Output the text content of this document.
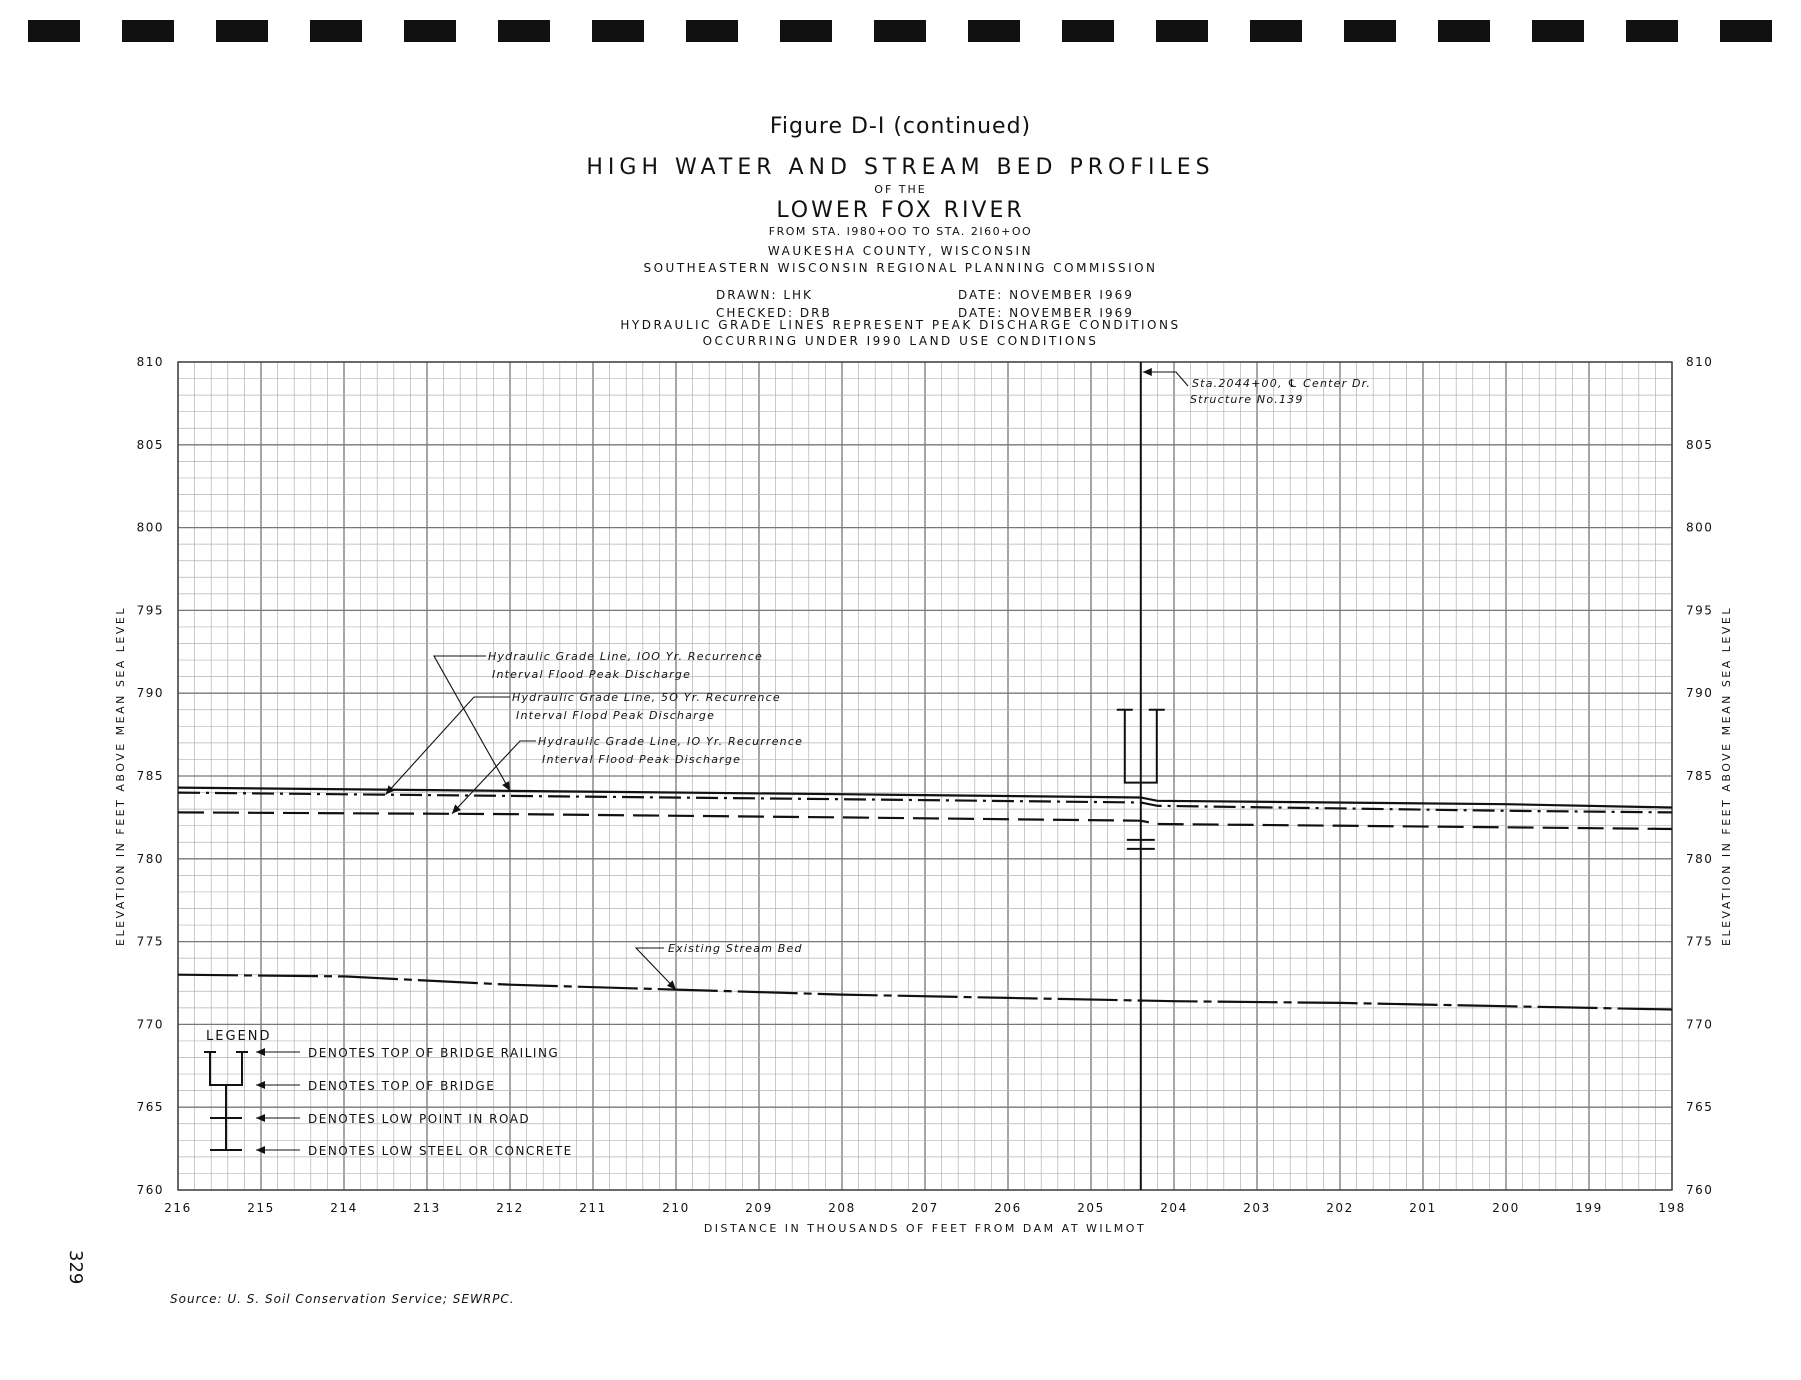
Figure D-I (continued)
HIGH WATER AND STREAM BED PROFILES
OF THE
LOWER FOX RIVER
FROM STA. I980+OO TO STA. 2I60+OO
WAUKESHA COUNTY, WISCONSIN
SOUTHEASTERN WISCONSIN REGIONAL PLANNING COMMISSION
DRAWN: LHK	DATE: NOVEMBER I969
CHECKED: DRB	DATE: NOVEMBER I969
HYDRAULIC GRADE LINES REPRESENT PEAK DISCHARGE CONDITIONS
OCCURRING UNDER I990 LAND USE CONDITIONS
810	810
805	805
800	800
795	795
790	790
785	785
780	780
775	775
770	770
765	765
760	760
216	215	214	213	212	211	210	209	208	207	206	205	204	203	202	201	200	199	198
DISTANCE IN THOUSANDS OF FEET FROM DAM AT WILMOT
ELEVATION IN FEET ABOVE MEAN SEA LEVEL	ELEVATION IN FEET ABOVE MEAN SEA LEVEL
Hydraulic Grade Line, IOO Yr. Recurrence
Interval Flood Peak Discharge
Hydraulic Grade Line, 5O Yr. Recurrence
Interval Flood Peak Discharge
Hydraulic Grade Line, IO Yr. Recurrence
Interval Flood Peak Discharge
Existing Stream Bed
Sta.2044+00, ℄ Center Dr.
Structure No.139
LEGEND
DENOTES TOP OF BRIDGE RAILING
DENOTES TOP OF BRIDGE
DENOTES LOW POINT IN ROAD
DENOTES LOW STEEL OR CONCRETE
329
Source: U. S. Soil Conservation Service; SEWRPC.
